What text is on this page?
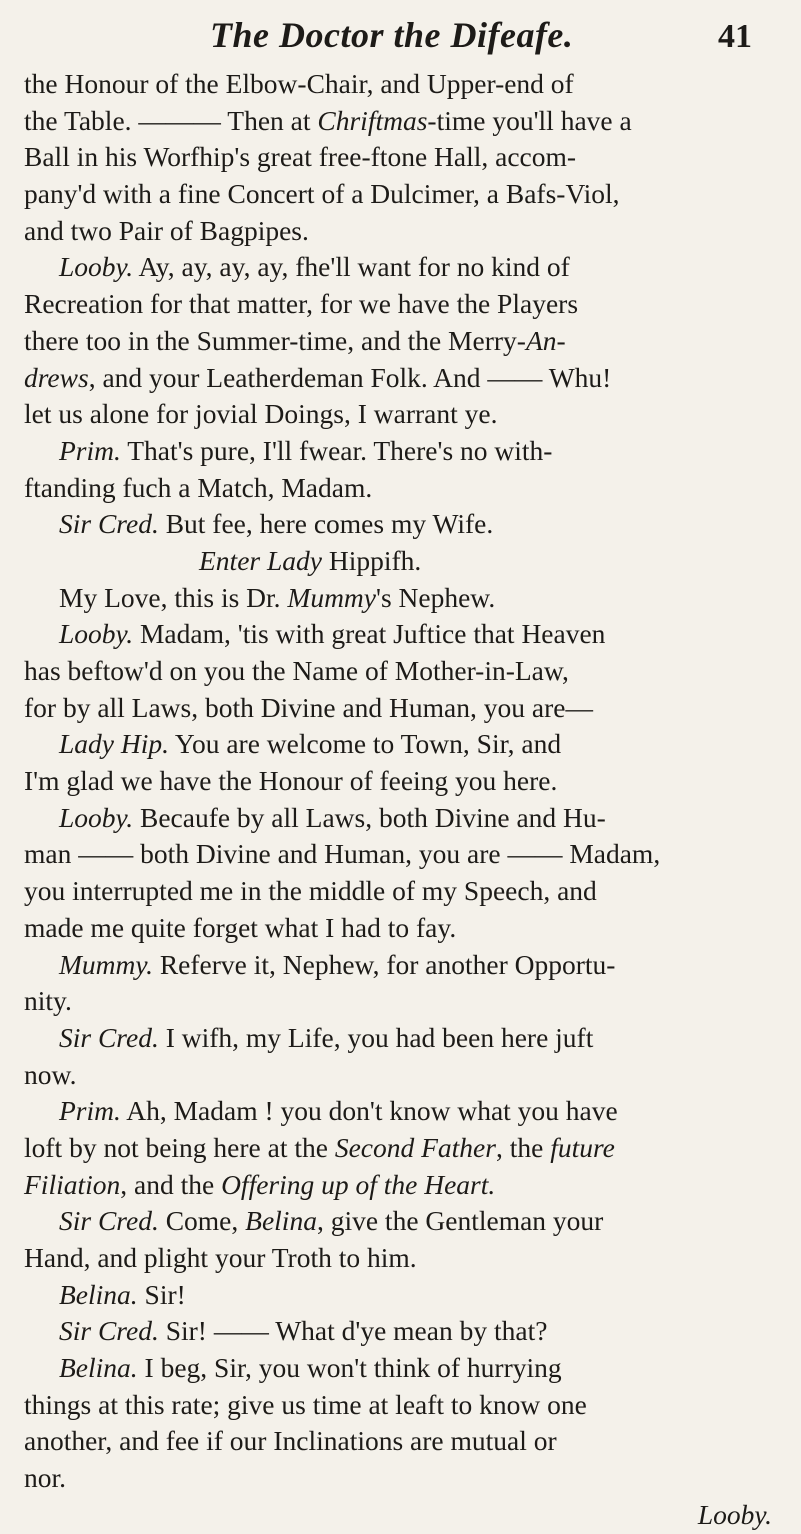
The Doctor the Difeafe.	41
the Honour of the Elbow-Chair, and Upper-end of
the Table. ——— Then at Chriftmas-time you'll have a
Ball in his Worfhip's great free-ftone Hall, accom-
pany'd with a fine Concert of a Dulcimer, a Bafs-Viol,
and two Pair of Bagpipes.
Looby. Ay, ay, ay, ay, fhe'll want for no kind of
Recreation for that matter, for we have the Players
there too in the Summer-time, and the Merry-An-
drews, and your Leatherdeman Folk. And —— Whu!
let us alone for jovial Doings, I warrant ye.
Prim. That's pure, I'll fwear. There's no with-
ftanding fuch a Match, Madam.
Sir Cred. But fee, here comes my Wife.
Enter Lady Hippifh.
My Love, this is Dr. Mummy's Nephew.
Looby. Madam, 'tis with great Juftice that Heaven
has beftow'd on you the Name of Mother-in-Law,
for by all Laws, both Divine and Human, you are—
Lady Hip. You are welcome to Town, Sir, and
I'm glad we have the Honour of feeing you here.
Looby. Becaufe by all Laws, both Divine and Hu-
man —— both Divine and Human, you are —— Madam,
you interrupted me in the middle of my Speech, and
made me quite forget what I had to fay.
Mummy. Referve it, Nephew, for another Opportu-
nity.
Sir Cred. I wifh, my Life, you had been here juft
now.
Prim. Ah, Madam ! you don't know what you have
loft by not being here at the Second Father, the future
Filiation, and the Offering up of the Heart.
Sir Cred. Come, Belina, give the Gentleman your
Hand, and plight your Troth to him.
Belina. Sir!
Sir Cred. Sir! —— What d'ye mean by that?
Belina. I beg, Sir, you won't think of hurrying
things at this rate; give us time at leaft to know one
another, and fee if our Inclinations are mutual or
nor.
Looby.
